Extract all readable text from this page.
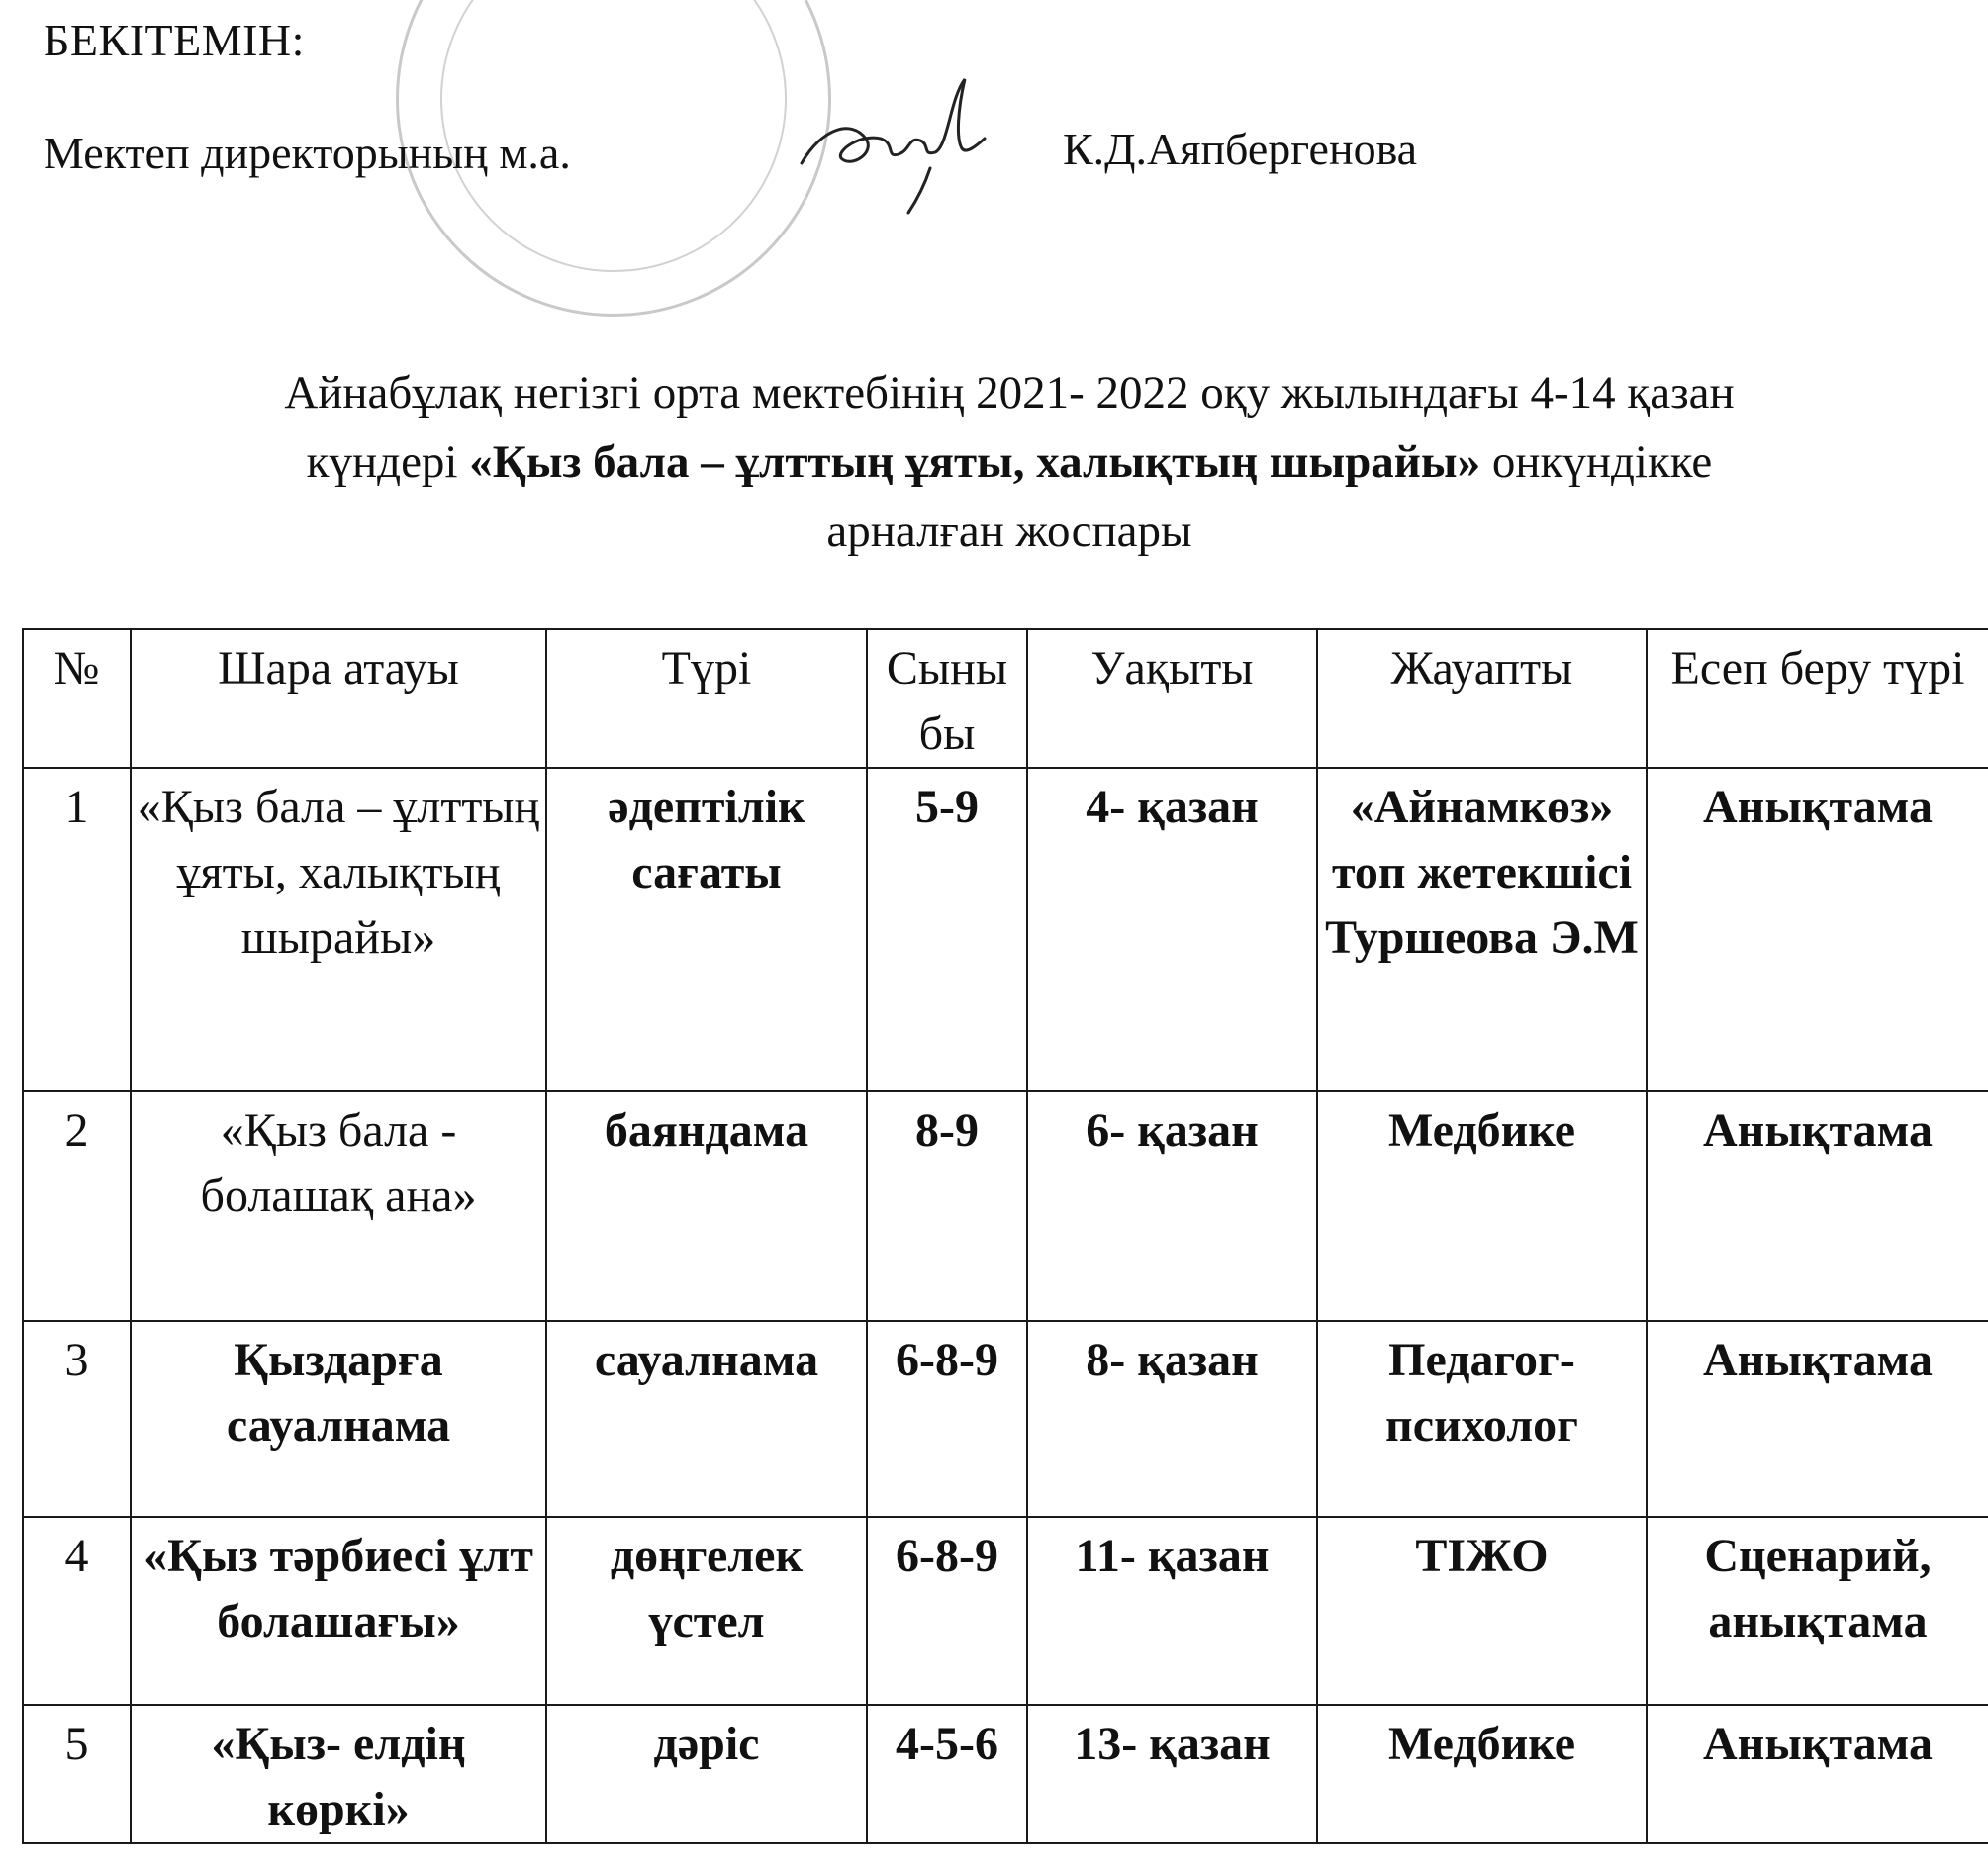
БЕКІТЕМІН:
Мектеп директорының м.а.	К.Д.Аяпбергенова
Айнабұлақ негізгі орта мектебінің 2021- 2022 оқу жылындағы 4-14 қазан
күндері «Қыз бала – ұлттың ұяты, халықтың шырайы» онкүндікке
арналған жоспары
№	Шара атауы	Түрі	Сыны бы	Уақыты	Жауапты	Есеп беру түрі
1	«Қыз бала – ұлттың ұяты, халықтың шырайы»	әдептілік сағаты	5-9	4- қазан	«Айнамкөз» топ жетекшісі Туршеова Э.М	Анықтама
2	«Қыз бала - болашақ ана»	баяндама	8-9	6- қазан	Медбике	Анықтама
3	Қыздарға сауалнама	сауалнама	6-8-9	8- қазан	Педагог-психолог	Анықтама
4	«Қыз тәрбиесі ұлт болашағы»	дөңгелек үстел	6-8-9	11- қазан	ТІЖО	Сценарий, анықтама
5	«Қыз- елдің көркі»	дәріс	4-5-6	13- қазан	Медбике	Анықтама
